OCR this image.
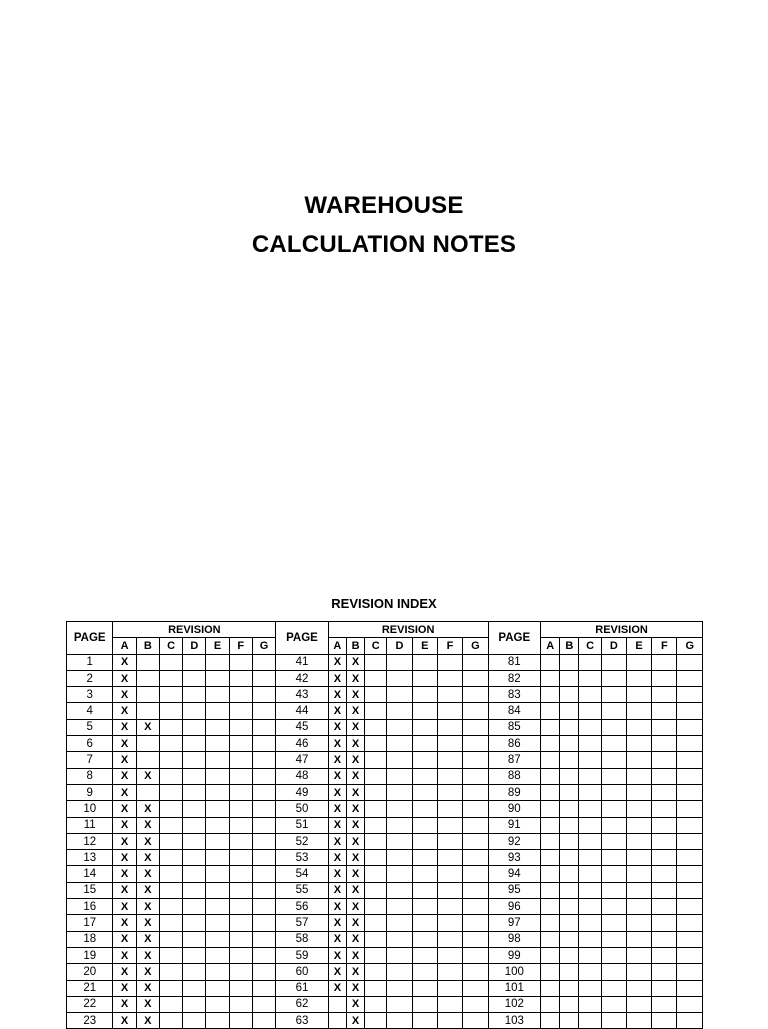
WAREHOUSE
CALCULATION NOTES
REVISION INDEX
PAGE	REVISION							PAGE	REVISION							PAGE	REVISION						
	A	B	C	D	E	F	G		A	B	C	D	E	F	G		A	B	C	D	E	F	G
1	X							41	X	X						81							
2	X							42	X	X						82							
3	X							43	X	X						83							
4	X							44	X	X						84							
5	X	X						45	X	X						85							
6	X							46	X	X						86							
7	X							47	X	X						87							
8	X	X						48	X	X						88							
9	X							49	X	X						89							
10	X	X						50	X	X						90							
11	X	X						51	X	X						91							
12	X	X						52	X	X						92							
13	X	X						53	X	X						93							
14	X	X						54	X	X						94							
15	X	X						55	X	X						95							
16	X	X						56	X	X						96							
17	X	X						57	X	X						97							
18	X	X						58	X	X						98							
19	X	X						59	X	X						99							
20	X	X						60	X	X						100							
21	X	X						61	X	X						101							
22	X	X						62		X						102							
23	X	X						63		X						103							
